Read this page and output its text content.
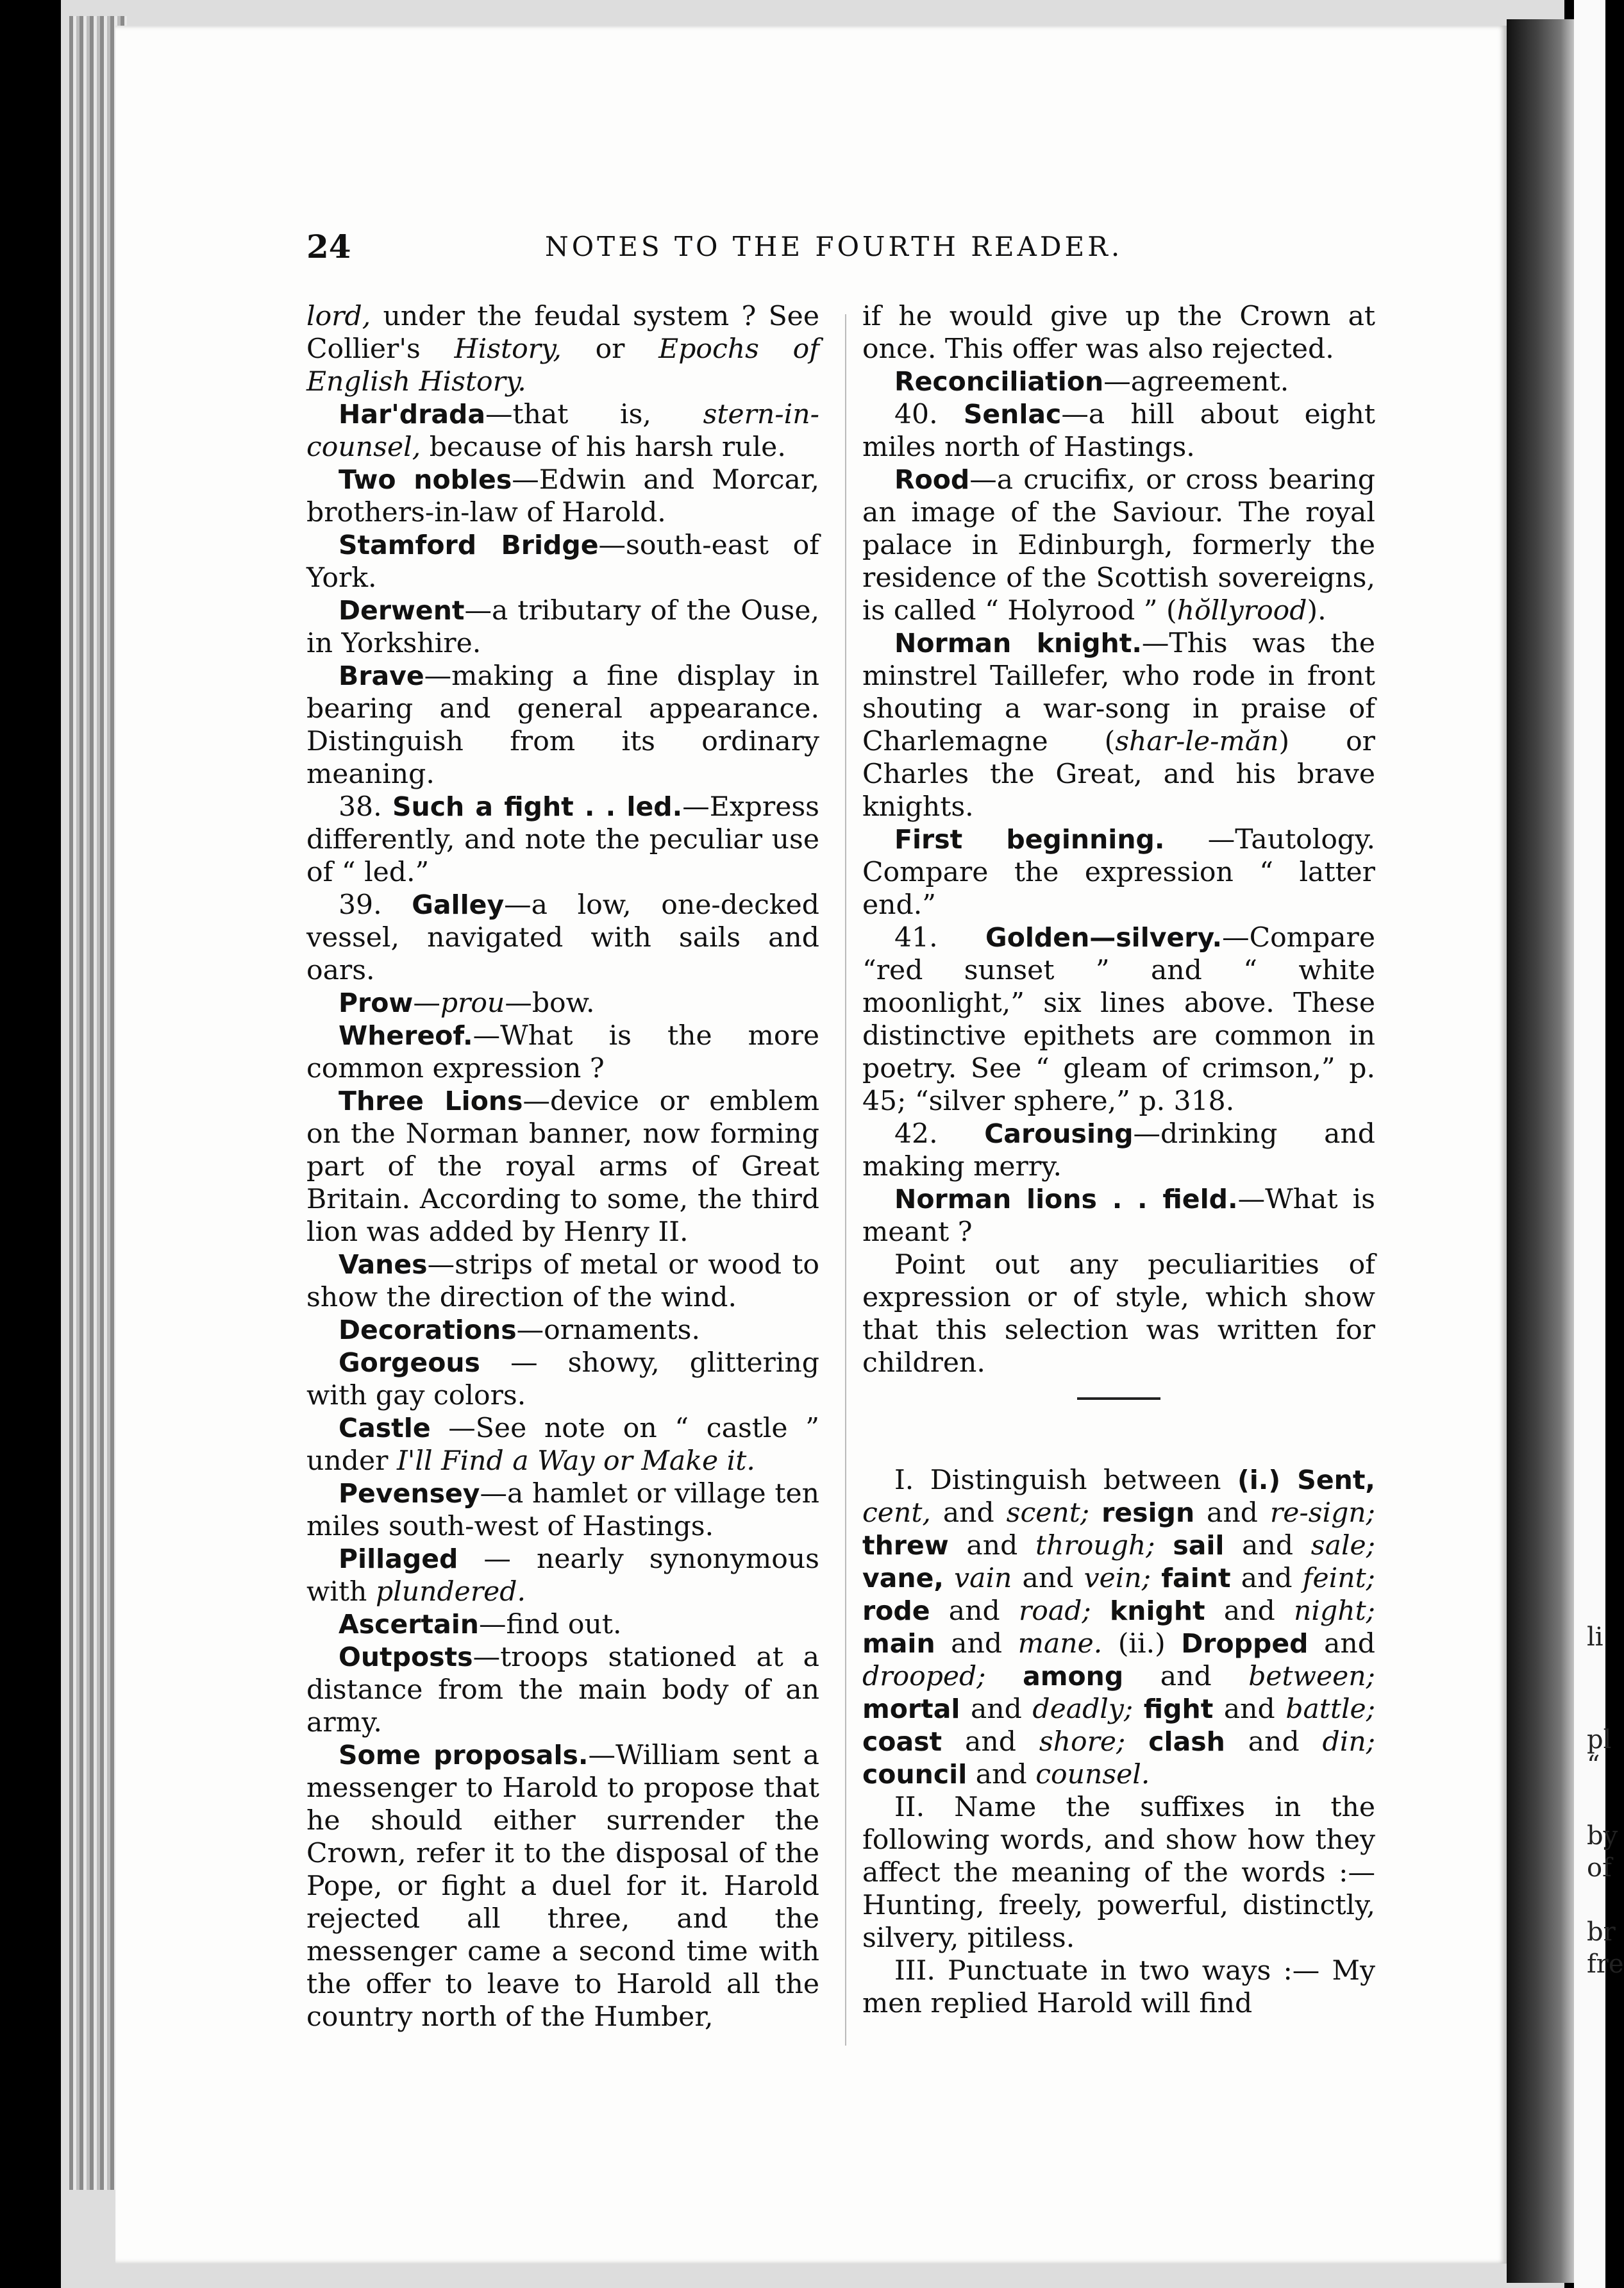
li
pl
“
by
of
br
fre
24	NOTES TO THE FOURTH READER.

lord, under the feudal system ? See Collier's History, or Epochs of English History.

Har'drada—that is, stern-in-counsel, because of his harsh rule.

Two nobles—Edwin and Morcar, brothers-in-law of Harold.

Stamford Bridge—south-east of York.

Derwent—a tributary of the Ouse, in Yorkshire.

Brave—making a fine display in bearing and general appearance. Distinguish from its ordinary meaning.

38. Such a fight . . led.—Express differently, and note the peculiar use of “ led.”

39. Galley—a low, one-decked vessel, navigated with sails and oars.

Prow—prou—bow.

Whereof.—What is the more common expression ?

Three Lions—device or emblem on the Norman banner, now forming part of the royal arms of Great Britain. According to some, the third lion was added by Henry II.

Vanes—strips of metal or wood to show the direction of the wind.

Decorations—ornaments.

Gorgeous — showy, glittering with gay colors.

Castle —See note on “ castle ” under I'll Find a Way or Make it.

Pevensey—a hamlet or village ten miles south-west of Hastings.

Pillaged — nearly synonymous with plundered.

Ascertain—find out.

Outposts—troops stationed at a distance from the main body of an army.

Some proposals.—William sent a messenger to Harold to propose that he should either surrender the Crown, refer it to the disposal of the Pope, or fight a duel for it. Harold rejected all three, and the messenger came a second time with the offer to leave to Harold all the country north of the Humber,

if he would give up the Crown at once. This offer was also rejected.

Reconciliation—agreement.

40. Senlac—a hill about eight miles north of Hastings.

Rood—a crucifix, or cross bearing an image of the Saviour. The royal palace in Edinburgh, formerly the residence of the Scottish sovereigns, is called “ Holyrood ” (hŏllyrood).

Norman knight.—This was the minstrel Taillefer, who rode in front shouting a war-song in praise of Charlemagne (shar-le-măn) or Charles the Great, and his brave knights.

First beginning. —Tautology. Compare the expression “ latter end.”

41. Golden—silvery.—Compare “red sunset ” and “ white moonlight,” six lines above. These distinctive epithets are common in poetry. See “ gleam of crimson,” p. 45; “silver sphere,” p. 318.

42. Carousing—drinking and making merry.

Norman lions . . field.—What is meant ?

Point out any peculiarities of expression or of style, which show that this selection was written for children.

I. Distinguish between (i.) Sent, cent, and scent; resign and re-sign; threw and through; sail and sale; vane, vain and vein; faint and feint; rode and road; knight and night; main and mane. (ii.) Dropped and drooped; among and between; mortal and deadly; fight and battle; coast and shore; clash and din; council and counsel.

II. Name the suffixes in the following words, and show how they affect the meaning of the words :— Hunting, freely, powerful, distinctly, silvery, pitiless.

III. Punctuate in two ways :— My men replied Harold will find
